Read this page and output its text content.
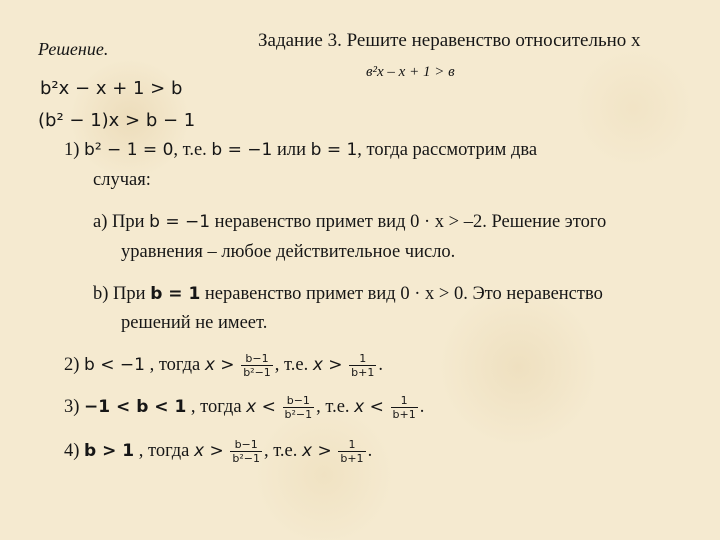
Задание 3. Решите неравенство относительно x
в²x – x + 1 > в
Решение.
b²x − x + 1 > b
(b² − 1)x > b − 1
1) b² − 1 = 0, т.е. b = −1 или b = 1, тогда рассмотрим два
случая:
a) При b = −1 неравенство примет вид 0 · x > –2. Решение этого
уравнения – любое действительное число.
b) При b = 1 неравенство примет вид 0 · x > 0. Это неравенство
решений не имеет.
2) b < −1 , тогда $x > \frac{b-1}{\text{b²−1}}$ , т.е. $x > \frac{1}{b+1}$ .
3) −1 < b < 1 , тогда $x < \frac{b-1}{\text{b²−1}}$ , т.е. $x < \frac{1}{b+1}$ .
4) b > 1 , тогда $x > \frac{b-1}{\text{b²−1}}$ , т.е. $x > \frac{1}{b+1}$ .
